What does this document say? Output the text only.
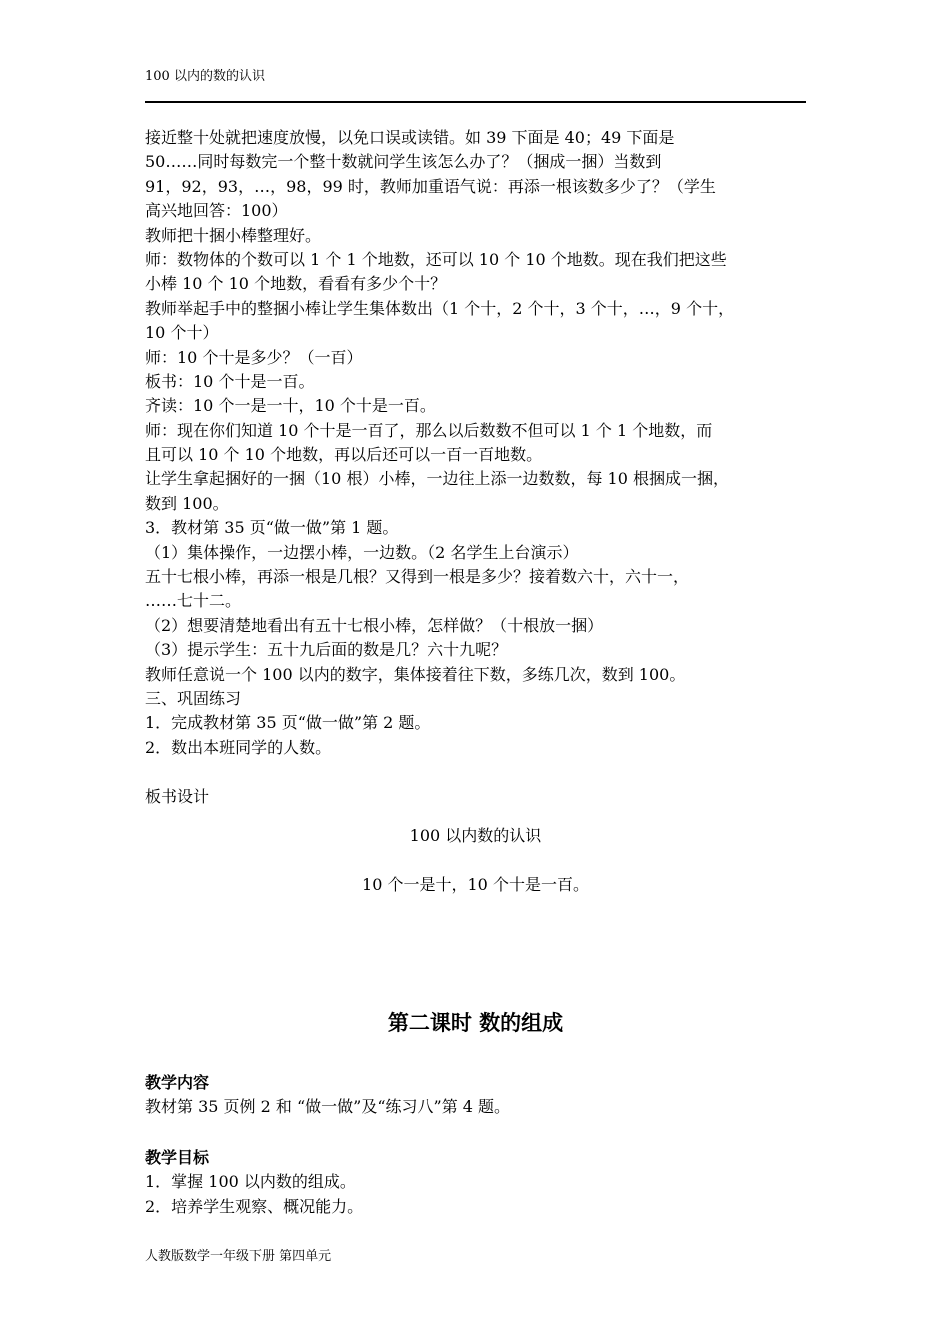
100 以内的数的认识
接近整十处就把速度放慢，以免口误或读错。如 39 下面是 40；49 下面是
50……同时每数完一个整十数就问学生该怎么办了？（捆成一捆）当数到
91，92，93，…，98，99 时，教师加重语气说：再添一根该数多少了？（学生
高兴地回答：100）
教师把十捆小棒整理好。
师：数物体的个数可以 1 个 1 个地数，还可以 10 个 10 个地数。现在我们把这些
小棒 10 个 10 个地数，看看有多少个十？
教师举起手中的整捆小棒让学生集体数出（1 个十，2 个十，3 个十，…，9 个十，
10 个十）
师：10 个十是多少？（一百）
板书：10 个十是一百。
齐读：10 个一是一十，10 个十是一百。
师：现在你们知道 10 个十是一百了，那么以后数数不但可以 1 个 1 个地数，而
且可以 10 个 10 个地数，再以后还可以一百一百地数。
让学生拿起捆好的一捆（10 根）小棒，一边往上添一边数数，每 10 根捆成一捆，
数到 100。
3．教材第 35 页“做一做”第 1 题。
（1）集体操作，一边摆小棒，一边数。（2 名学生上台演示）
五十七根小棒，再添一根是几根？又得到一根是多少？接着数六十，六十一，
……七十二。
（2）想要清楚地看出有五十七根小棒，怎样做？（十根放一捆）
（3）提示学生：五十九后面的数是几？六十九呢？
教师任意说一个 100 以内的数字，集体接着往下数，多练几次，数到 100。
三、巩固练习
1．完成教材第 35 页“做一做”第 2 题。
2．数出本班同学的人数。
板书设计
100 以内数的认识
10 个一是十，10 个十是一百。
第二课时 数的组成
教学内容
教材第 35 页例 2 和 “做一做”及“练习八”第 4 题。
教学目标
1．掌握 100 以内数的组成。
2．培养学生观察、概况能力。
人教版数学一年级下册 第四单元
